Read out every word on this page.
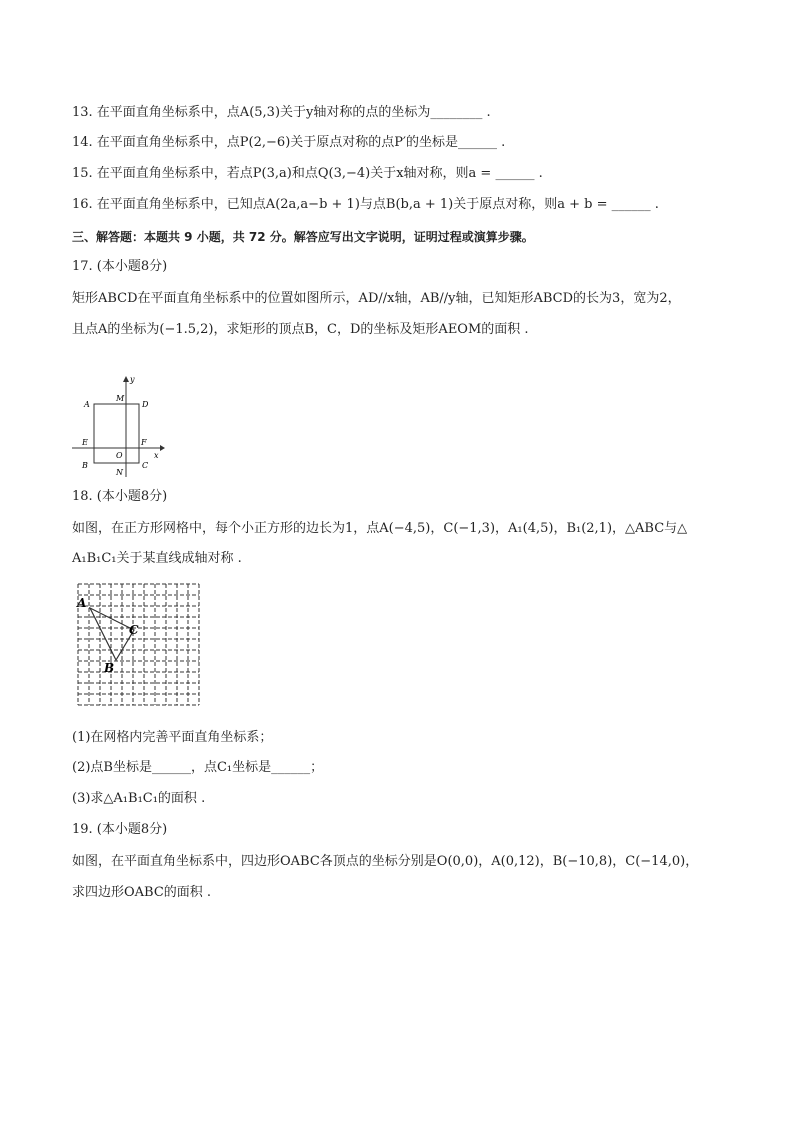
13. 在平面直角坐标系中，点A(5,3)关于y轴对称的点的坐标为________ .
14. 在平面直角坐标系中，点P(2,−6)关于原点对称的点P′的坐标是______ .
15. 在平面直角坐标系中，若点P(3,a)和点Q(3,−4)关于x轴对称，则a = ______ .
16. 在平面直角坐标系中，已知点A(2a,a−b + 1)与点B(b,a + 1)关于原点对称，则a + b = ______ .
三、解答题：本题共 9 小题，共 72 分。解答应写出文字说明，证明过程或演算步骤。
17. (本小题8分)
矩形ABCD在平面直角坐标系中的位置如图所示，AD//x轴，AB//y轴，已知矩形ABCD的长为3，宽为2，
且点A的坐标为(−1.5,2)，求矩形的顶点B，C，D的坐标及矩形AEOM的面积 .
y
A
M
D
E	F
O	x
B
N
C
18. (本小题8分)
如图，在正方形网格中，每个小正方形的边长为1，点A(−4,5)，C(−1,3)，A₁(4,5)，B₁(2,1)，△ABC与△
A₁B₁C₁关于某直线成轴对称 .
A
C
B
(1)在网格内完善平面直角坐标系；
(2)点B坐标是______，点C₁坐标是______；
(3)求△A₁B₁C₁的面积 .
19. (本小题8分)
如图，在平面直角坐标系中，四边形OABC各顶点的坐标分别是O(0,0)，A(0,12)，B(−10,8)，C(−14,0)，
求四边形OABC的面积 .
